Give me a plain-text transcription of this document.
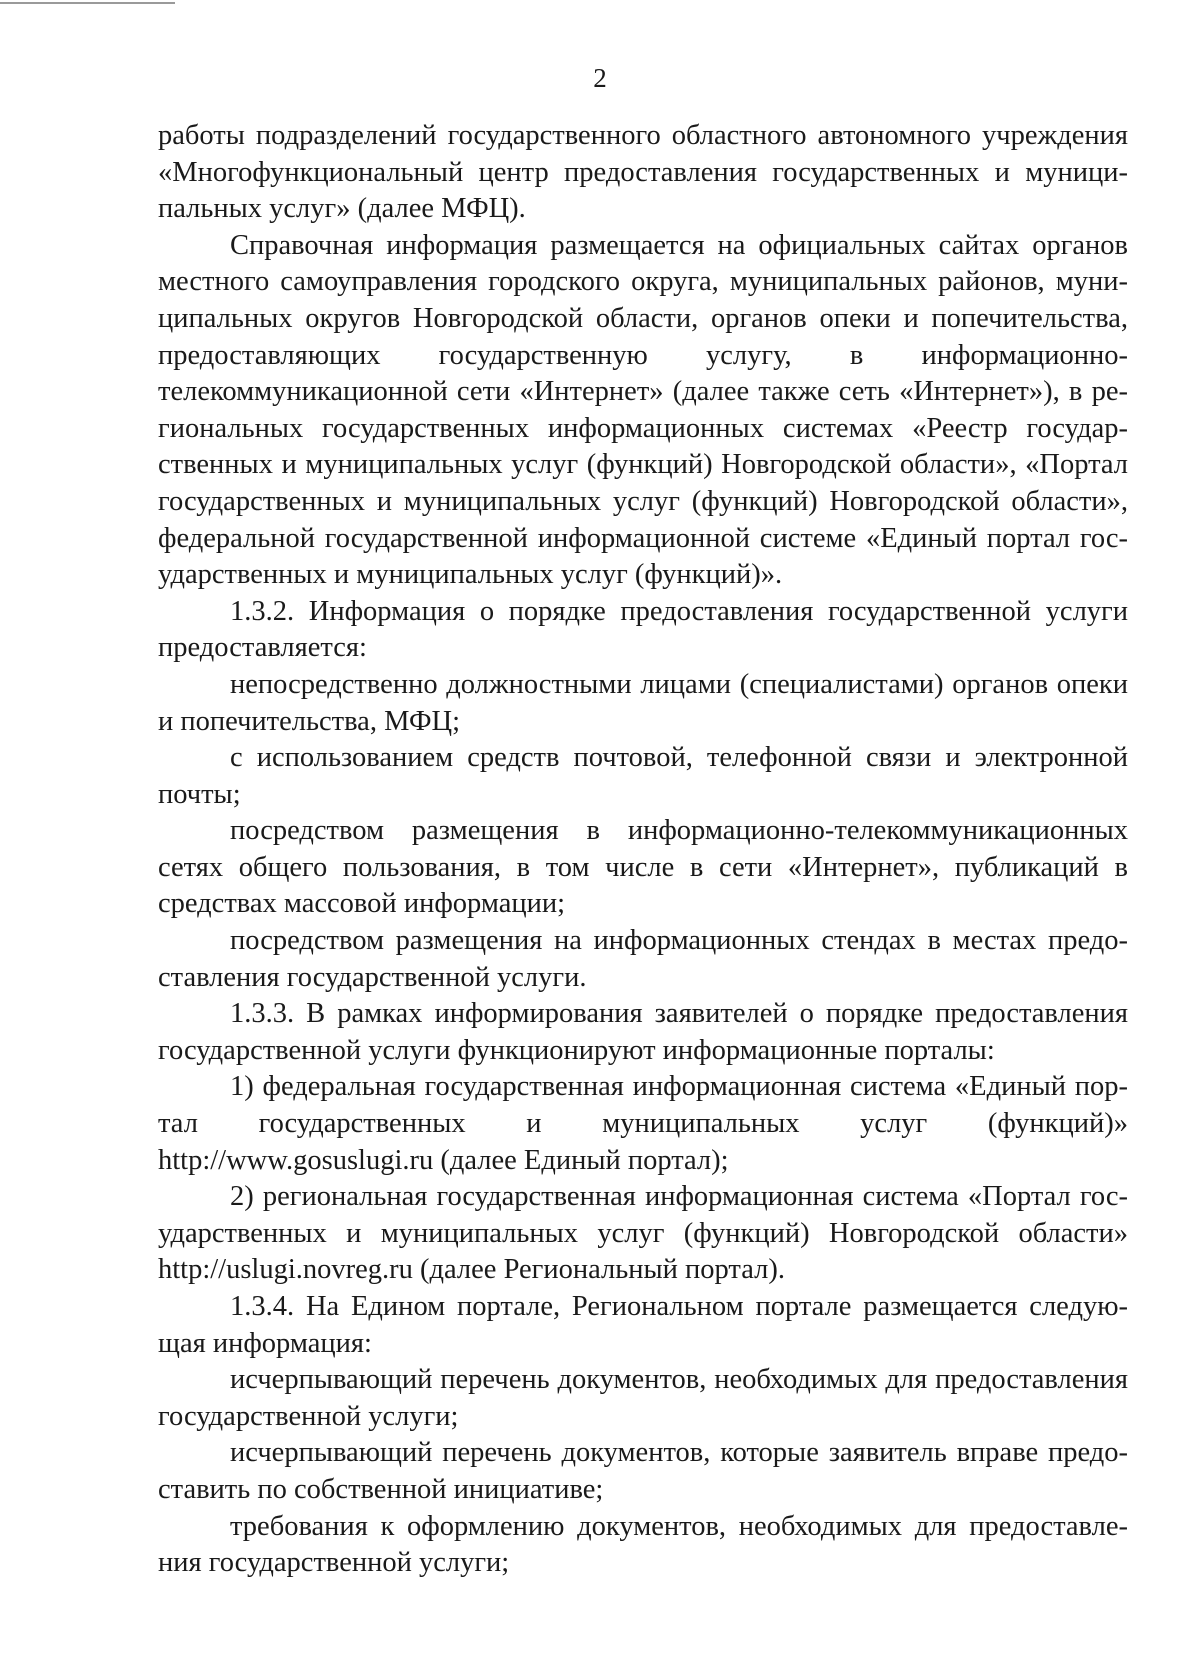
2

работы подразделений государственного областного автономного учреждения «Многофункциональный центр предоставления государственных и муниципальных услуг» (далее МФЦ).

Справочная информация размещается на официальных сайтах органов местного самоуправления городского округа, муниципальных районов, муниципальных округов Новгородской области, органов опеки и попечительства, предоставляющих государственную услугу, в информационно-телекоммуникационной сети «Интернет» (далее также сеть «Интернет»), в региональных государственных информационных системах «Реестр государственных и муниципальных услуг (функций) Новгородской области», «Портал государственных и муниципальных услуг (функций) Новгородской области», федеральной государственной информационной системе «Единый портал государственных и муниципальных услуг (функций)».

1.3.2. Информация о порядке предоставления государственной услуги предоставляется:

непосредственно должностными лицами (специалистами) органов опеки и попечительства, МФЦ;

с использованием средств почтовой, телефонной связи и электронной почты;

посредством размещения в информационно-телекоммуникационных сетях общего пользования, в том числе в сети «Интернет», публикаций в средствах массовой информации;

посредством размещения на информационных стендах в местах предоставления государственной услуги.

1.3.3. В рамках информирования заявителей о порядке предоставления государственной услуги функционируют информационные порталы:

1) федеральная государственная информационная система «Единый портал государственных и муниципальных услуг (функций)» http://www.gosuslugi.ru (далее Единый портал);

2) региональная государственная информационная система «Портал государственных и муниципальных услуг (функций) Новгородской области» http://uslugi.novreg.ru (далее Региональный портал).

1.3.4. На Едином портале, Региональном портале размещается следующая информация:

исчерпывающий перечень документов, необходимых для предоставления государственной услуги;

исчерпывающий перечень документов, которые заявитель вправе предоставить по собственной инициативе;

требования к оформлению документов, необходимых для предоставления государственной услуги;
